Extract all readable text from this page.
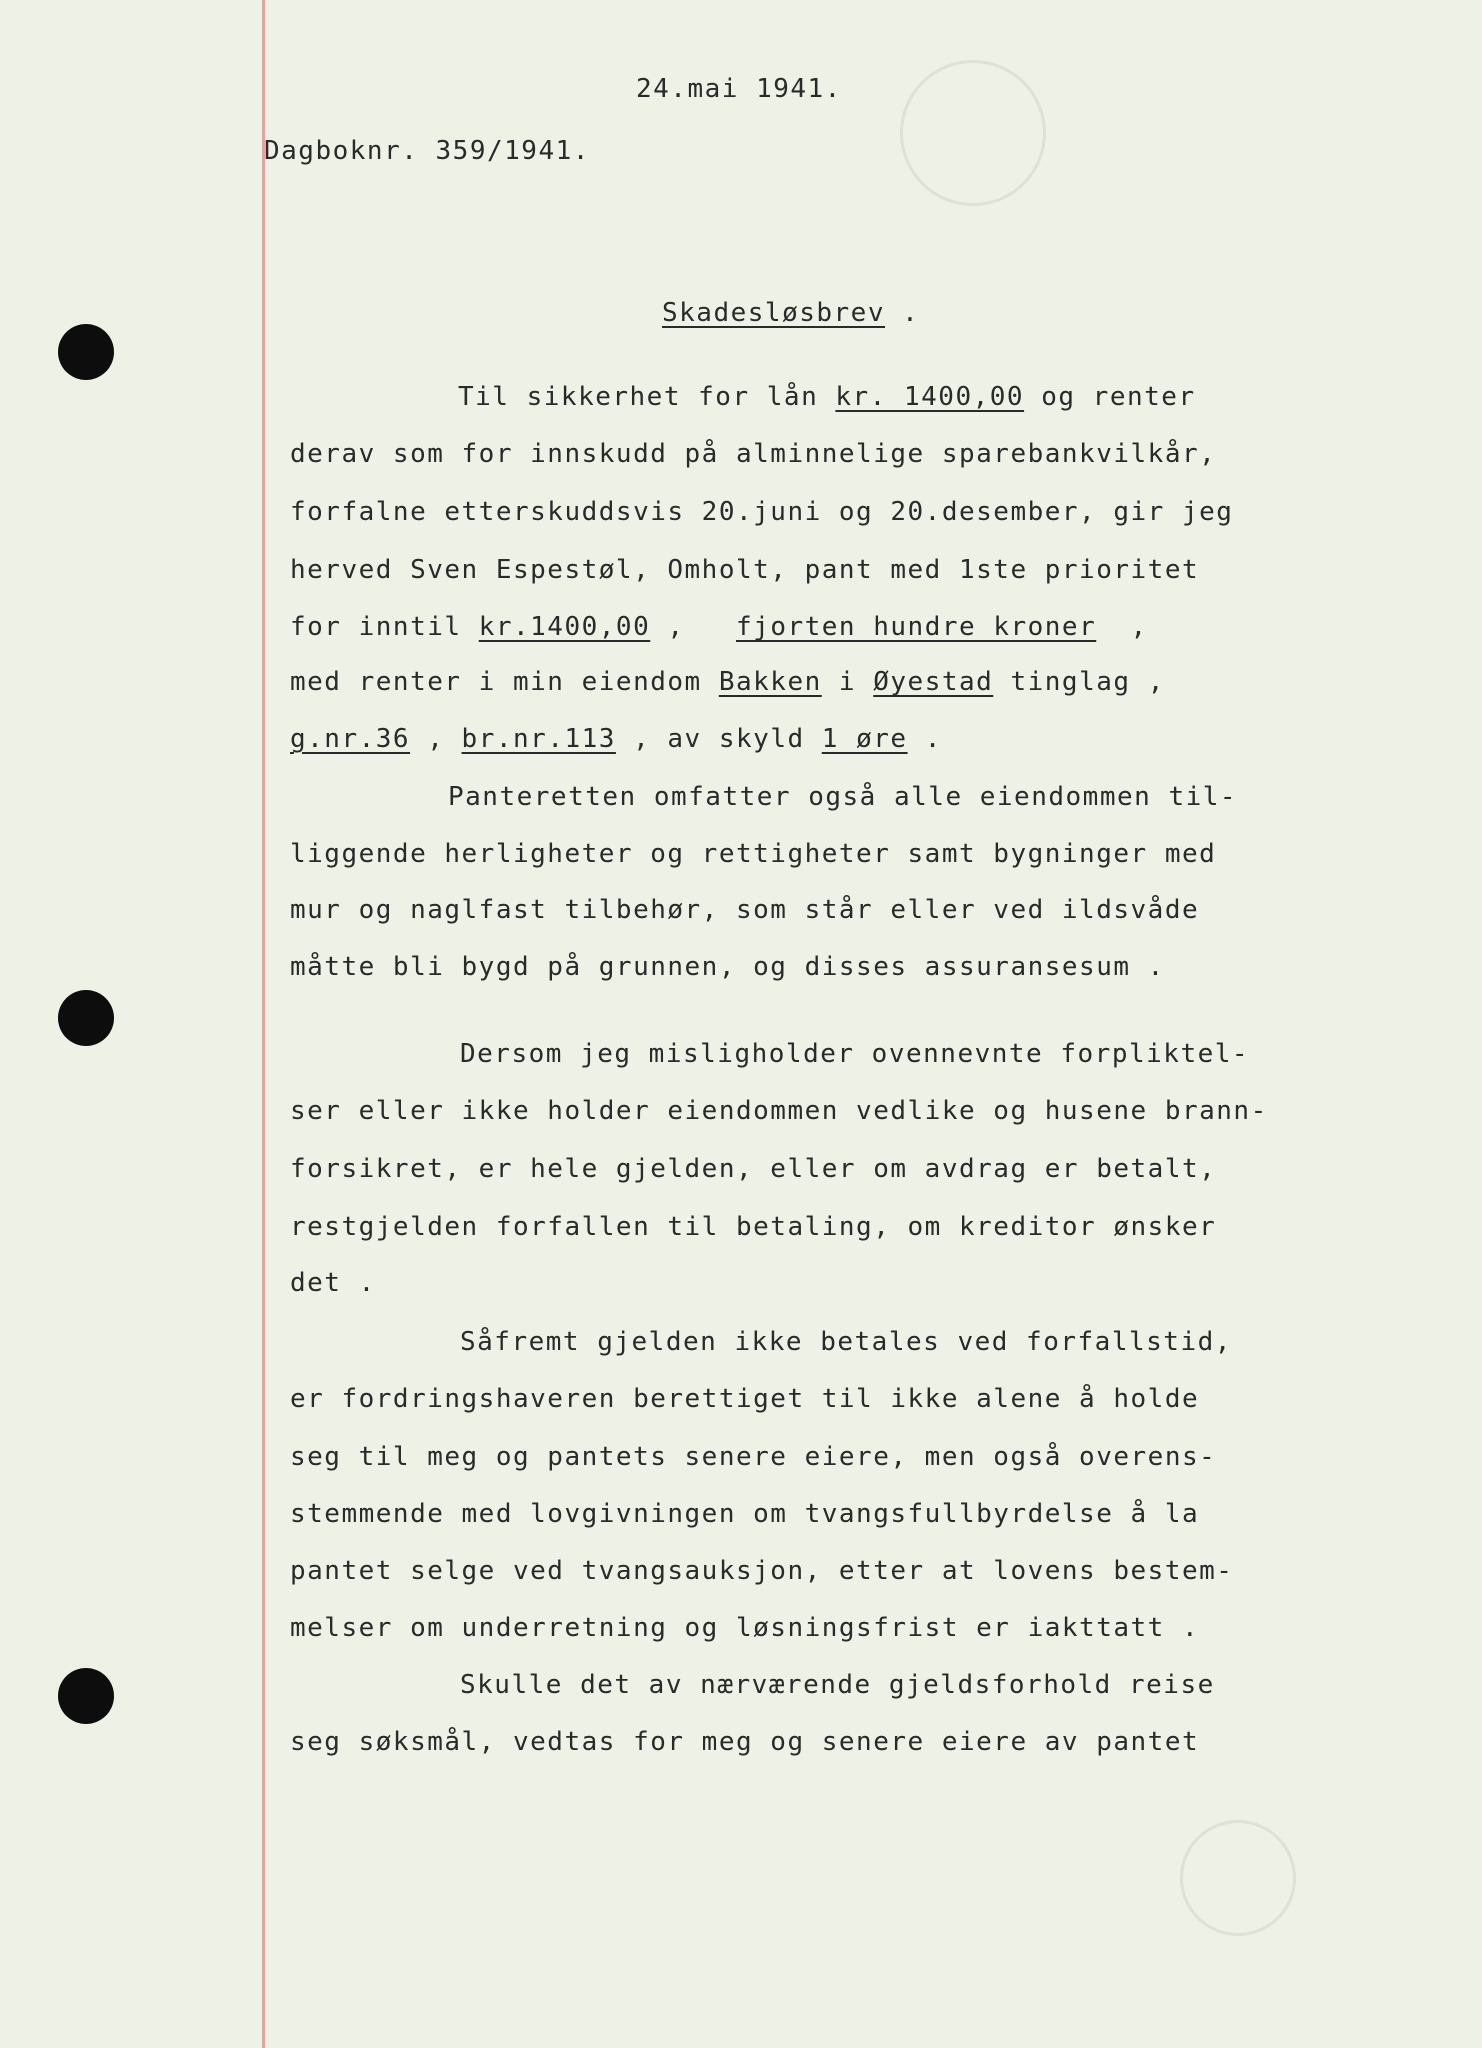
24.mai 1941.
Dagboknr. 359/1941.
Skadesløsbrev .
Til sikkerhet for lån kr. 1400,00 og renter
derav som for innskudd på alminnelige sparebankvilkår,
forfalne etterskuddsvis 20.juni og 20.desember, gir jeg
herved Sven Espestøl, Omholt, pant med 1ste prioritet
for inntil kr.1400,00 ,   fjorten hundre kroner  ,
med renter i min eiendom Bakken i Øyestad tinglag ,
g.nr.36 , br.nr.113 , av skyld 1 øre .
Panteretten omfatter også alle eiendommen til-
liggende herligheter og rettigheter samt bygninger med
mur og naglfast tilbehør, som står eller ved ildsvåde
måtte bli bygd på grunnen, og disses assuransesum .
Dersom jeg misligholder ovennevnte forpliktel-
ser eller ikke holder eiendommen vedlike og husene brann-
forsikret, er hele gjelden, eller om avdrag er betalt,
restgjelden forfallen til betaling, om kreditor ønsker
det .
Såfremt gjelden ikke betales ved forfallstid,
er fordringshaveren berettiget til ikke alene å holde
seg til meg og pantets senere eiere, men også overens-
stemmende med lovgivningen om tvangsfullbyrdelse å la
pantet selge ved tvangsauksjon, etter at lovens bestem-
melser om underretning og løsningsfrist er iakttatt .
Skulle det av nærværende gjeldsforhold reise
seg søksmål, vedtas for meg og senere eiere av pantet
